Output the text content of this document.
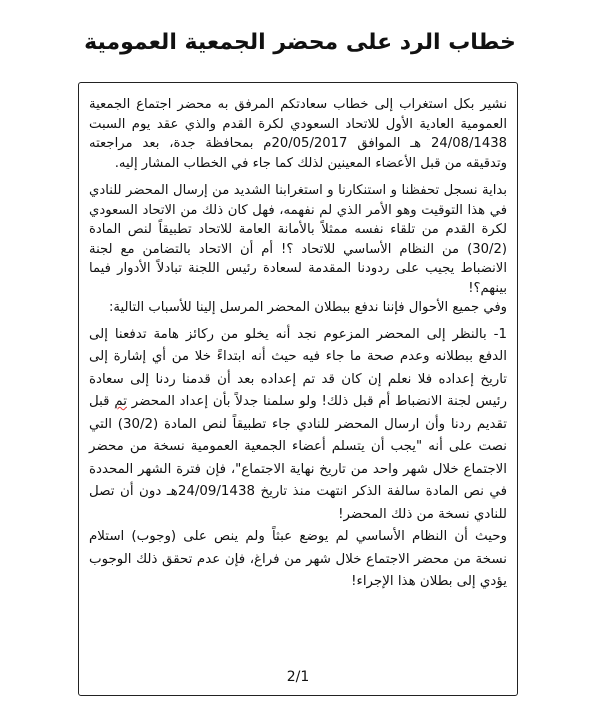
خطاب الرد على محضر الجمعية العمومية

نشير بكل استغراب إلى خطاب سعادتكم المرفق به محضر اجتماع الجمعية العمومية العادية الأول للاتحاد السعودي لكرة القدم والذي عقد يوم السبت 24/08/1438 هـ الموافق 20/05/2017م بمحافظة جدة، بعد مراجعته وتدقيقه من قبل الأعضاء المعينين لذلك كما جاء في الخطاب المشار إليه.

بداية نسجل تحفظنا و استنكارنا و استغرابنا الشديد من إرسال المحضر للنادي في هذا التوقيت وهو الأمر الذي لم نفهمه، فهل كان ذلك من الاتحاد السعودي لكرة القدم من تلقاء نفسه ممثلاً بالأمانة العامة للاتحاد تطبيقاً لنص المادة (30/2) من النظام الأساسي للاتحاد ؟! أم أن الاتحاد بالتضامن مع لجنة الانضباط يجيب على ردودنا المقدمة لسعادة رئيس اللجنة تبادلاً الأدوار فيما بينهم؟!

وفي جميع الأحوال فإننا ندفع ببطلان المحضر المرسل إلينا للأسباب التالية:

1- بالنظر إلى المحضر المزعوم نجد أنه يخلو من ركائز هامة تدفعنا إلى الدفع ببطلانه وعدم صحة ما جاء فيه حيث أنه ابتداءً خلا من أي إشارة إلى تاريخ إعداده فلا نعلم إن كان قد تم إعداده بعد أن قدمنا ردنا إلى سعادة رئيس لجنة الانضباط أم قبل ذلك! ولو سلمنا جدلاً بأن إعداد المحضر تم قبل تقديم ردنا وأن ارسال المحضر للنادي جاء تطبيقاً لنص المادة (30/2) التي نصت على أنه "يجب أن يتسلم أعضاء الجمعية العمومية نسخة من محضر الاجتماع خلال شهر واحد من تاريخ نهاية الاجتماع"، فإن فترة الشهر المحددة في نص المادة سالفة الذكر انتهت منذ تاريخ 24/09/1438هـ دون أن تصل للنادي نسخة من ذلك المحضر!

وحيث أن النظام الأساسي لم يوضع عبثاً ولم ينص على (وجوب) استلام نسخة من محضر الاجتماع خلال شهر من فراغ، فإن عدم تحقق ذلك الوجوب يؤدي إلى بطلان هذا الإجراء!

2/1
